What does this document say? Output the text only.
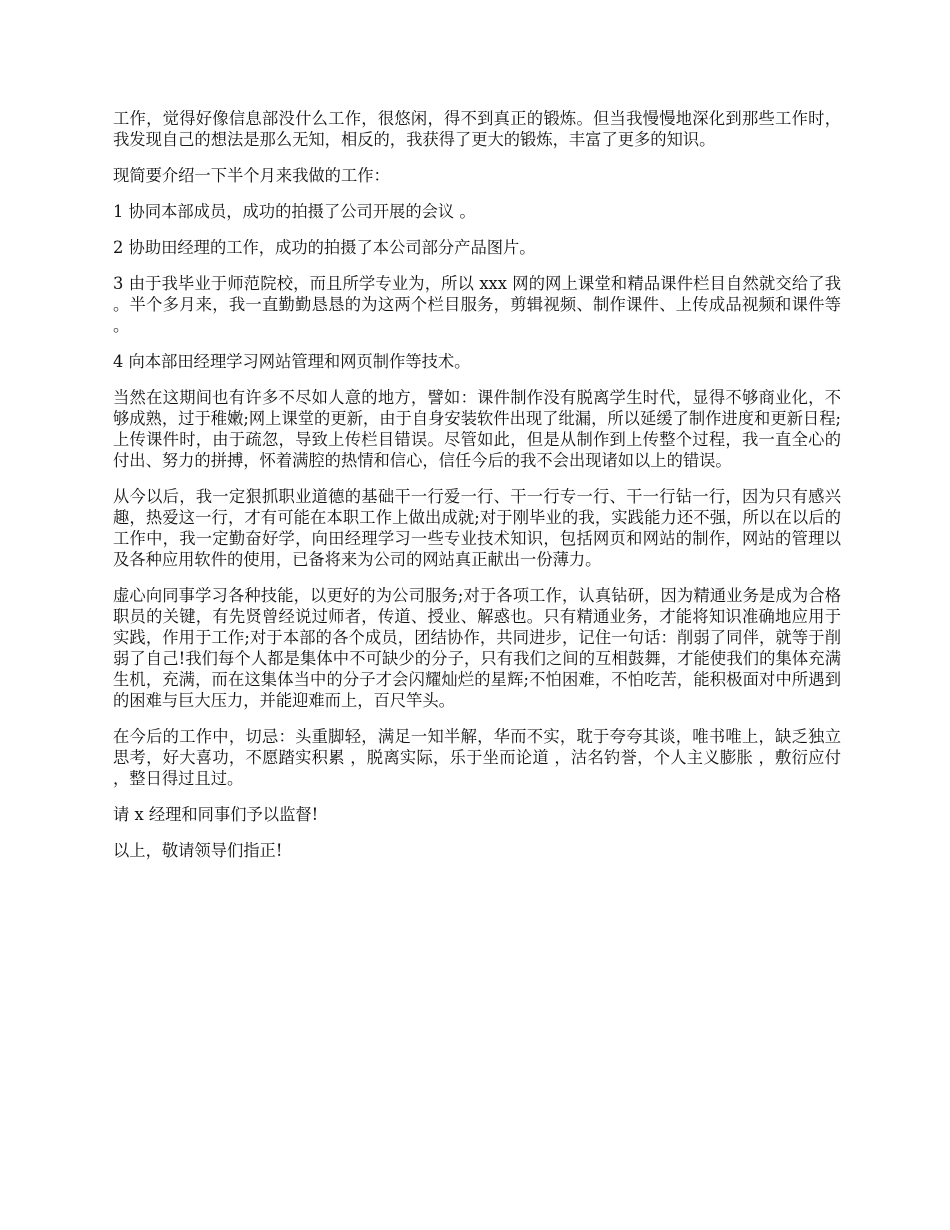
工作，觉得好像信息部没什么工作，很悠闲，得不到真正的锻炼。但当我慢慢地深化到那些工作时，我发现自己的想法是那么无知，相反的，我获得了更大的锻炼，丰富了更多的知识。

现简要介绍一下半个月来我做的工作：

1 协同本部成员，成功的拍摄了公司开展的会议 。

2 协助田经理的工作，成功的拍摄了本公司部分产品图片。

3 由于我毕业于师范院校，而且所学专业为，所以 xxx 网的网上课堂和精品课件栏目自然就交给了我。半个多月来，我一直勤勤恳恳的为这两个栏目服务，剪辑视频、制作课件、上传成品视频和课件等。

4 向本部田经理学习网站管理和网页制作等技术。

当然在这期间也有许多不尽如人意的地方，譬如：课件制作没有脱离学生时代，显得不够商业化，不够成熟，过于稚嫩;网上课堂的更新，由于自身安装软件出现了纰漏，所以延缓了制作进度和更新日程;上传课件时，由于疏忽，导致上传栏目错误。尽管如此，但是从制作到上传整个过程，我一直全心的付出、努力的拼搏，怀着满腔的热情和信心，信任今后的我不会出现诸如以上的错误。

从今以后，我一定狠抓职业道德的基础干一行爱一行、干一行专一行、干一行钻一行，因为只有感兴趣，热爱这一行，才有可能在本职工作上做出成就;对于刚毕业的我，实践能力还不强，所以在以后的工作中，我一定勤奋好学，向田经理学习一些专业技术知识，包括网页和网站的制作，网站的管理以及各种应用软件的使用，已备将来为公司的网站真正献出一份薄力。

虚心向同事学习各种技能，以更好的为公司服务;对于各项工作，认真钻研，因为精通业务是成为合格职员的关键，有先贤曾经说过师者，传道、授业、解惑也。只有精通业务，才能将知识准确地应用于实践，作用于工作;对于本部的各个成员，团结协作，共同进步，记住一句话：削弱了同伴，就等于削弱了自己!我们每个人都是集体中不可缺少的分子，只有我们之间的互相鼓舞，才能使我们的集体充满生机，充满，而在这集体当中的分子才会闪耀灿烂的星辉;不怕困难，不怕吃苦，能积极面对中所遇到的困难与巨大压力，并能迎难而上，百尺竿头。

在今后的工作中，切忌：头重脚轻，满足一知半解，华而不实，耽于夸夸其谈，唯书唯上，缺乏独立思考，好大喜功，不愿踏实积累 ，脱离实际，乐于坐而论道 ，沽名钓誉，个人主义膨胀 ，敷衍应付，整日得过且过。

请 x 经理和同事们予以监督!

以上，敬请领导们指正!
